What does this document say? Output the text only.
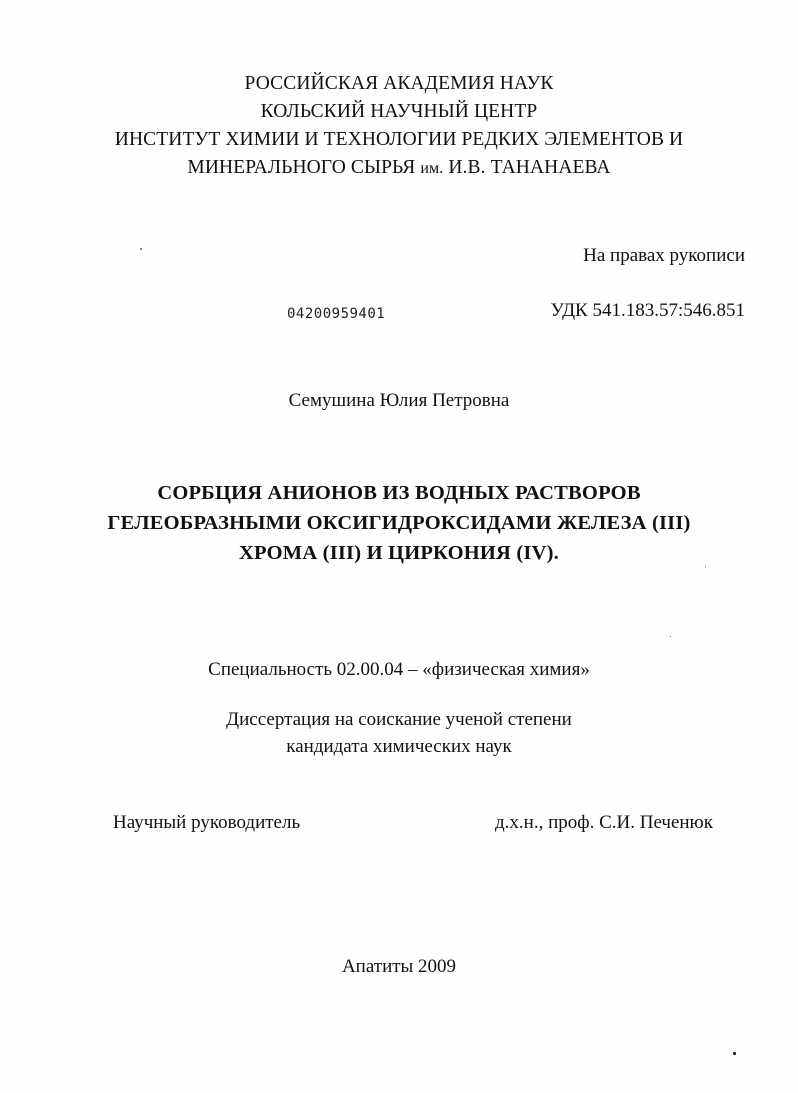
РОССИЙСКАЯ АКАДЕМИЯ НАУК
КОЛЬСКИЙ НАУЧНЫЙ ЦЕНТР
ИНСТИТУТ ХИМИИ И ТЕХНОЛОГИИ РЕДКИХ ЭЛЕМЕНТОВ И
МИНЕРАЛЬНОГО СЫРЬЯ им. И.В. ТАНАНАЕВА
На правах рукописи
04200959401	УДК 541.183.57:546.851
Семушина Юлия Петровна
СОРБЦИЯ АНИОНОВ ИЗ ВОДНЫХ РАСТВОРОВ
ГЕЛЕОБРАЗНЫМИ ОКСИГИДРОКСИДАМИ ЖЕЛЕЗА (III)
ХРОМА (III) И ЦИРКОНИЯ (IV).
Специальность 02.00.04 – «физическая химия»
Диссертация на соискание ученой степени
кандидата химических наук
Научный руководитель	д.х.н., проф. С.И. Печенюк
Апатиты 2009
